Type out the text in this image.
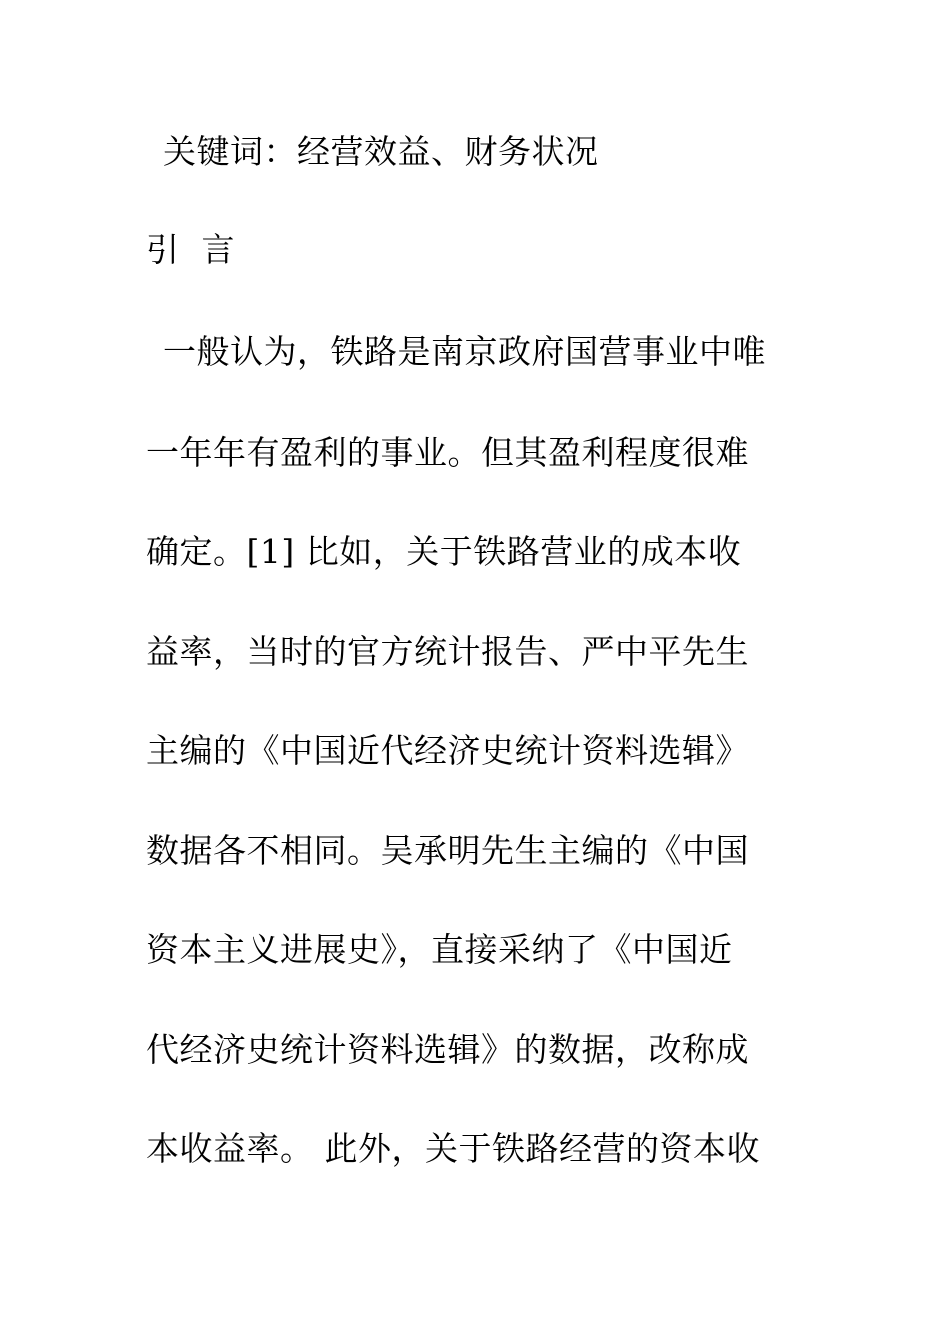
关键词：经营效益、财务状况
引  言
一般认为，铁路是南京政府国营事业中唯
一年年有盈利的事业。但其盈利程度很难
确定。[1] 比如，关于铁路营业的成本收
益率，当时的官方统计报告、严中平先生
主编的《中国近代经济史统计资料选辑》
数据各不相同。吴承明先生主编的《中国
资本主义进展史》，直接采纳了《中国近
代经济史统计资料选辑》的数据，改称成
本收益率。 此外，关于铁路经营的资本收
